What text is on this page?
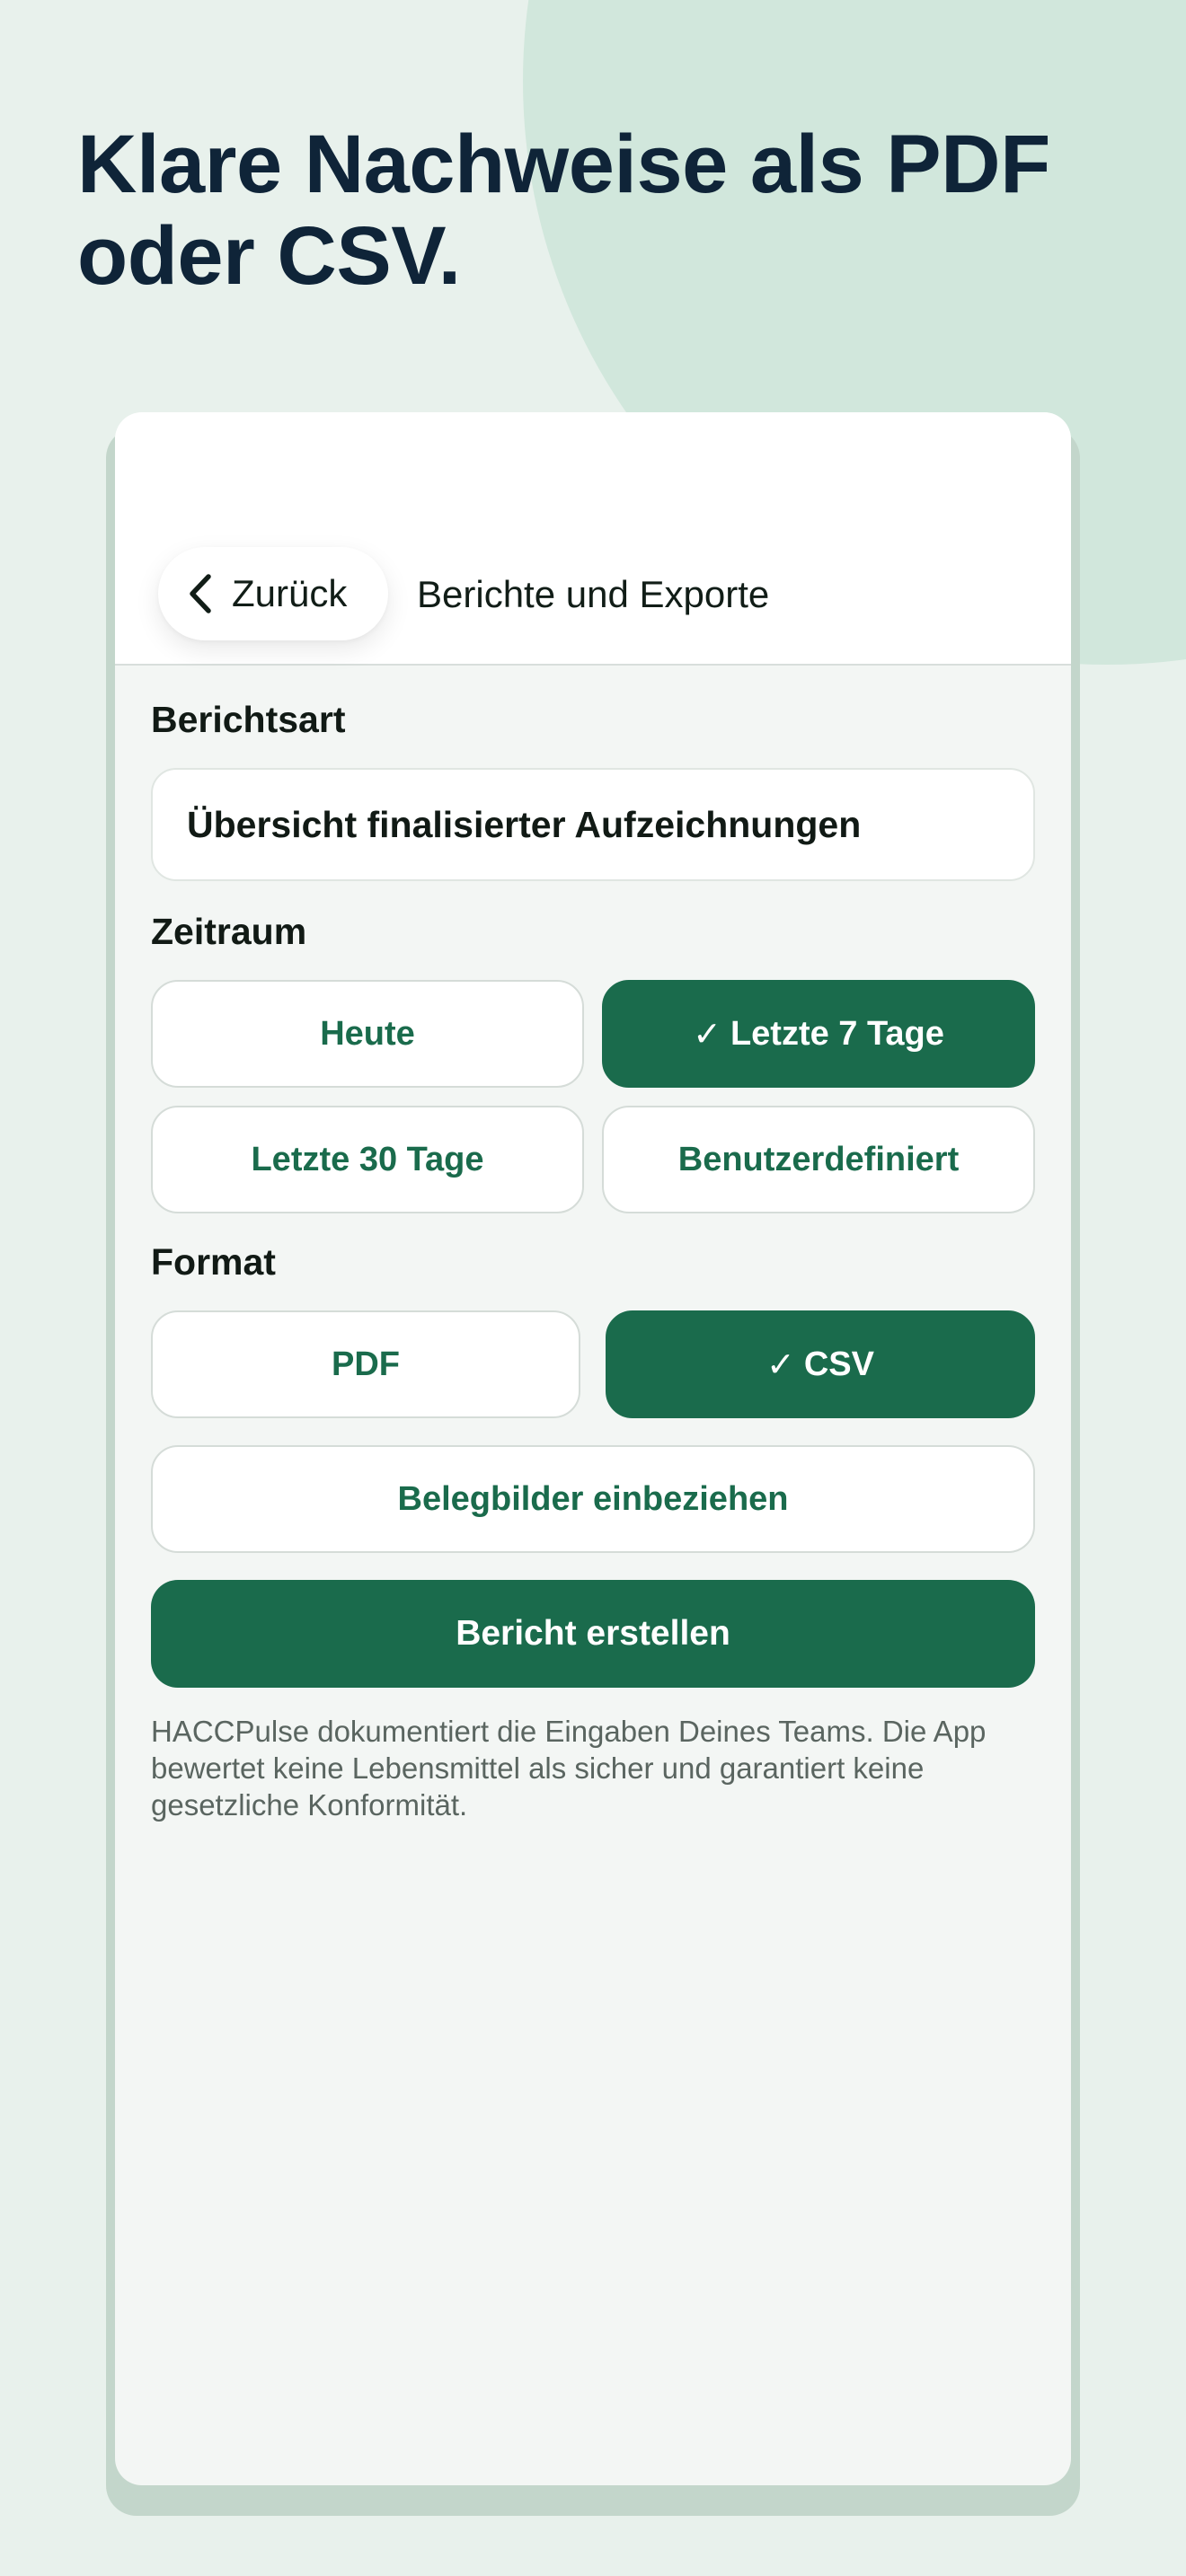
Klare Nachweise als PDF oder CSV.
Zurück Berichte und Exporte
Berichtsart
Übersicht finalisierter Aufzeichnungen
Zeitraum
Heute	✓ Letzte 7 Tage
Letzte 30 Tage	Benutzerdefiniert
Format
PDF	✓ CSV
Belegbilder einbeziehen
Bericht erstellen

HACCPulse dokumentiert die Eingaben Deines Teams. Die App bewertet keine Lebensmittel als sicher und garantiert keine gesetzliche Konformität.
